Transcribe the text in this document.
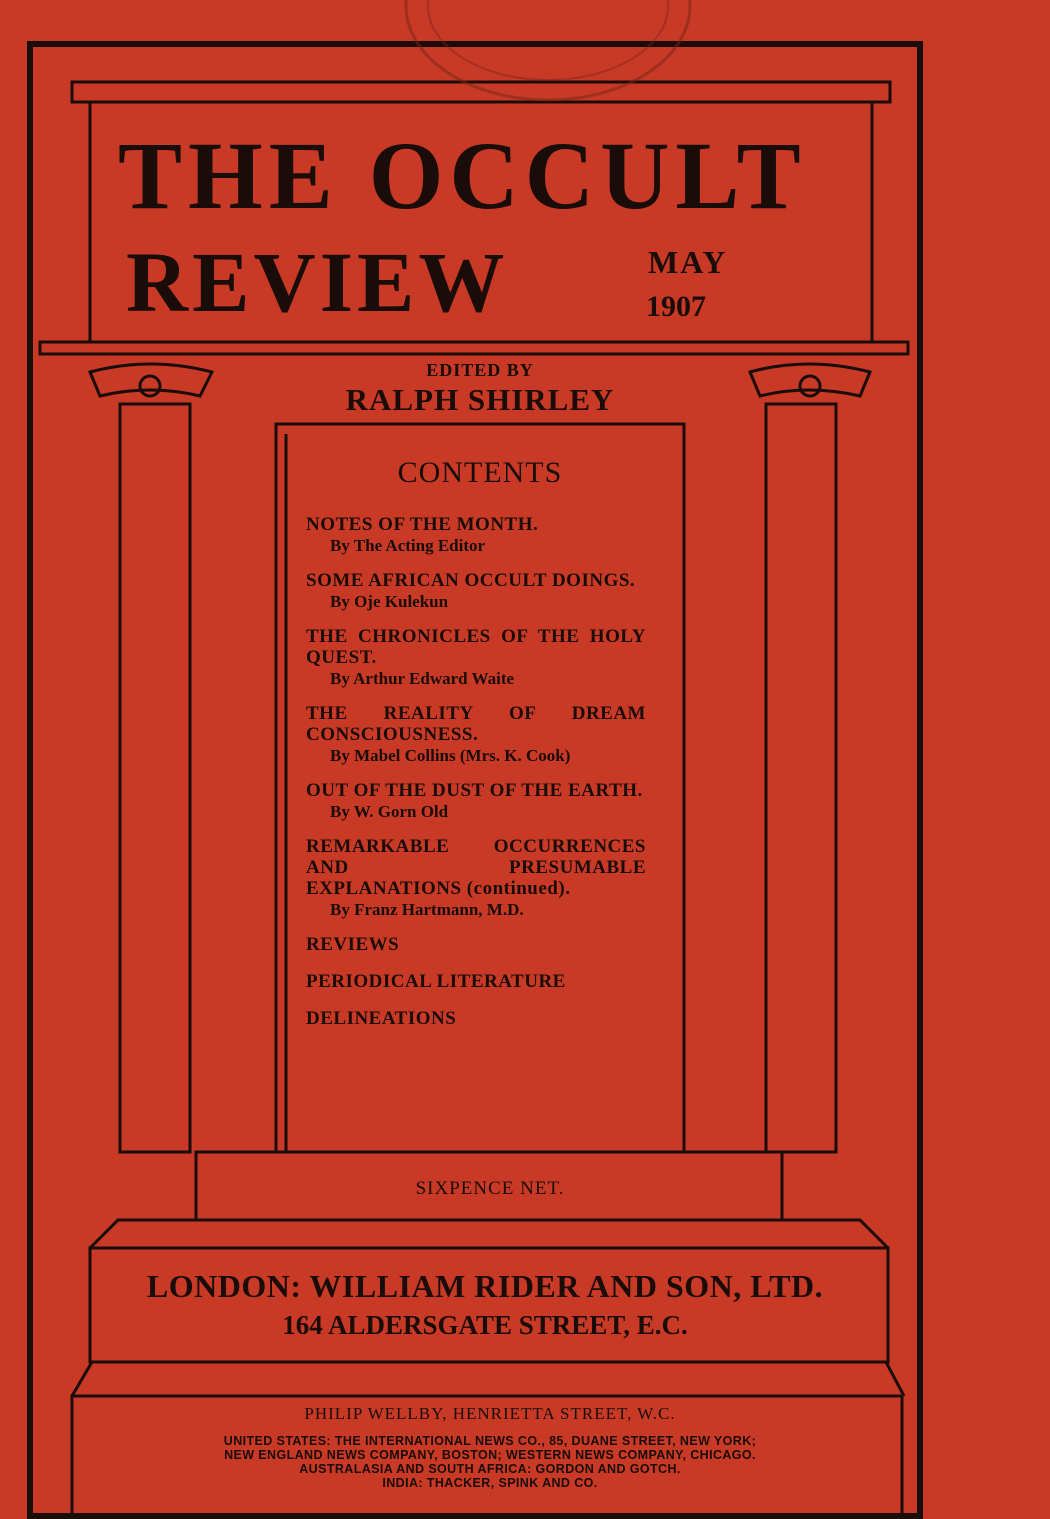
THE OCCULT
REVIEW	MAY
1907
EDITED BY
RALPH SHIRLEY
CONTENTS
NOTES OF THE MONTH.
By The Acting Editor
SOME AFRICAN OCCULT DOINGS.
By Oje Kulekun
THE CHRONICLES OF THE HOLY QUEST.
By Arthur Edward Waite
THE REALITY OF DREAM CONSCIOUSNESS.
By Mabel Collins (Mrs. K. Cook)
OUT OF THE DUST OF THE EARTH.
By W. Gorn Old
REMARKABLE OCCURRENCES AND PRESUMABLE EXPLANATIONS (continued).
By Franz Hartmann, M.D.
REVIEWS
PERIODICAL LITERATURE
DELINEATIONS
SIXPENCE NET.
LONDON: WILLIAM RIDER AND SON, LTD.
164 ALDERSGATE STREET, E.C.
PHILIP WELLBY, HENRIETTA STREET, W.C.
UNITED STATES: THE INTERNATIONAL NEWS CO., 85, DUANE STREET, NEW YORK;
NEW ENGLAND NEWS COMPANY, BOSTON; WESTERN NEWS COMPANY, CHICAGO.
AUSTRALASIA AND SOUTH AFRICA: GORDON AND GOTCH.
INDIA: THACKER, SPINK AND CO.
